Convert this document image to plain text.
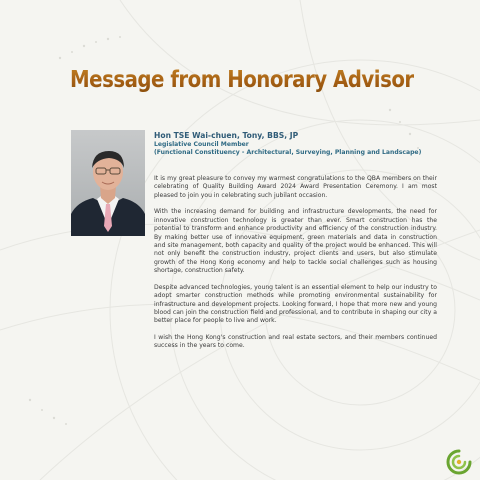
Message from Honorary Advisors
Hon TSE Wai-chuen, Tony, BBS, JP
Legislative Council Member
(Functional Constituency - Architectural, Surveying, Planning and Landscape)

It is my great pleasure to convey my warmest congratulations to the QBA members on their celebrating of Quality Building Award 2024 Award Presentation Ceremony. I am most pleased to join you in celebrating such jubilant occasion.

With the increasing demand for building and infrastructure developments, the need for innovative construction technology is greater than ever. Smart construction has the potential to transform and enhance productivity and efficiency of the construction industry. By making better use of innovative equipment, green materials and data in construction and site management, both capacity and quality of the project would be enhanced. This will not only benefit the construction industry, project clients and users, but also stimulate growth of the Hong Kong economy and help to tackle social challenges such as housing shortage, construction safety.

Despite advanced technologies, young talent is an essential element to help our industry to adopt smarter construction methods while promoting environmental sustainability for infrastructure and development projects. Looking forward, I hope that more new and young blood can join the construction field and professional, and to contribute in shaping our city a better place for people to live and work.

I wish the Hong Kong's construction and real estate sectors, and their members continued success in the years to come.
